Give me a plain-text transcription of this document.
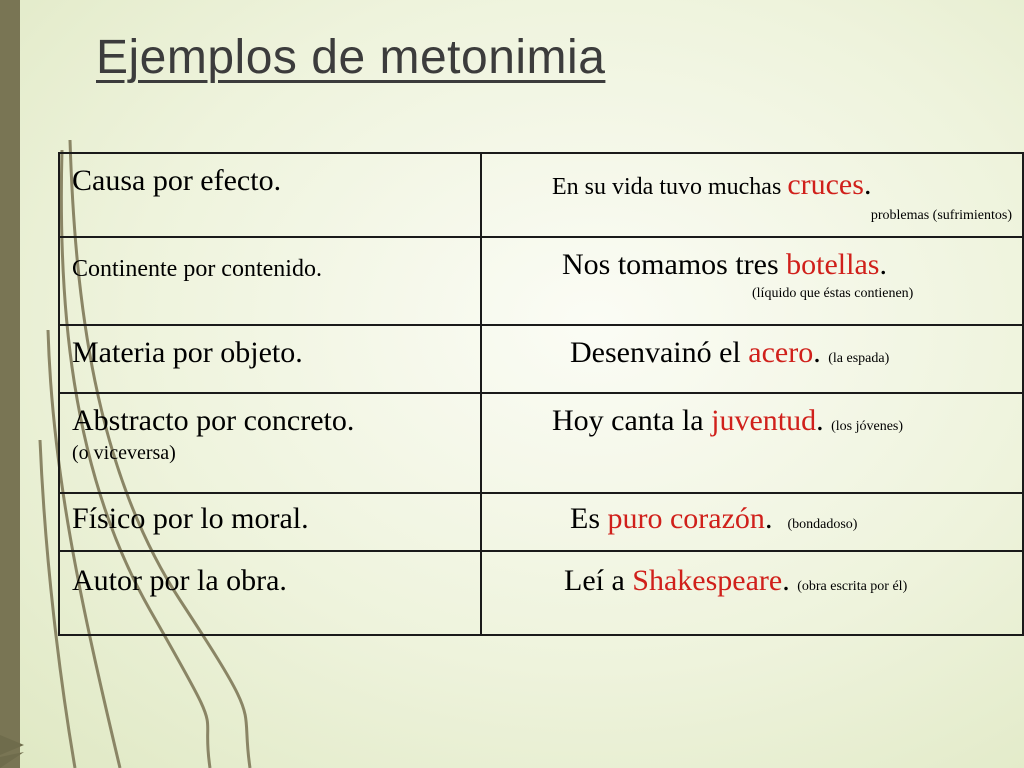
Ejemplos de metonimia
Causa por efecto.	En su vida tuvo muchas cruces.
problemas (sufrimientos)

Continente por contenido.	Nos tomamos tres botellas.
(líquido que éstas contienen)

Materia por objeto.	Desenvainó el acero. (la espada)

Abstracto por concreto.
(o viceversa)	Hoy canta la juventud. (los jóvenes)

Físico por lo moral.	Es puro corazón.  (bondadoso)

Autor por la obra.	Leí a Shakespeare. (obra escrita por él)
